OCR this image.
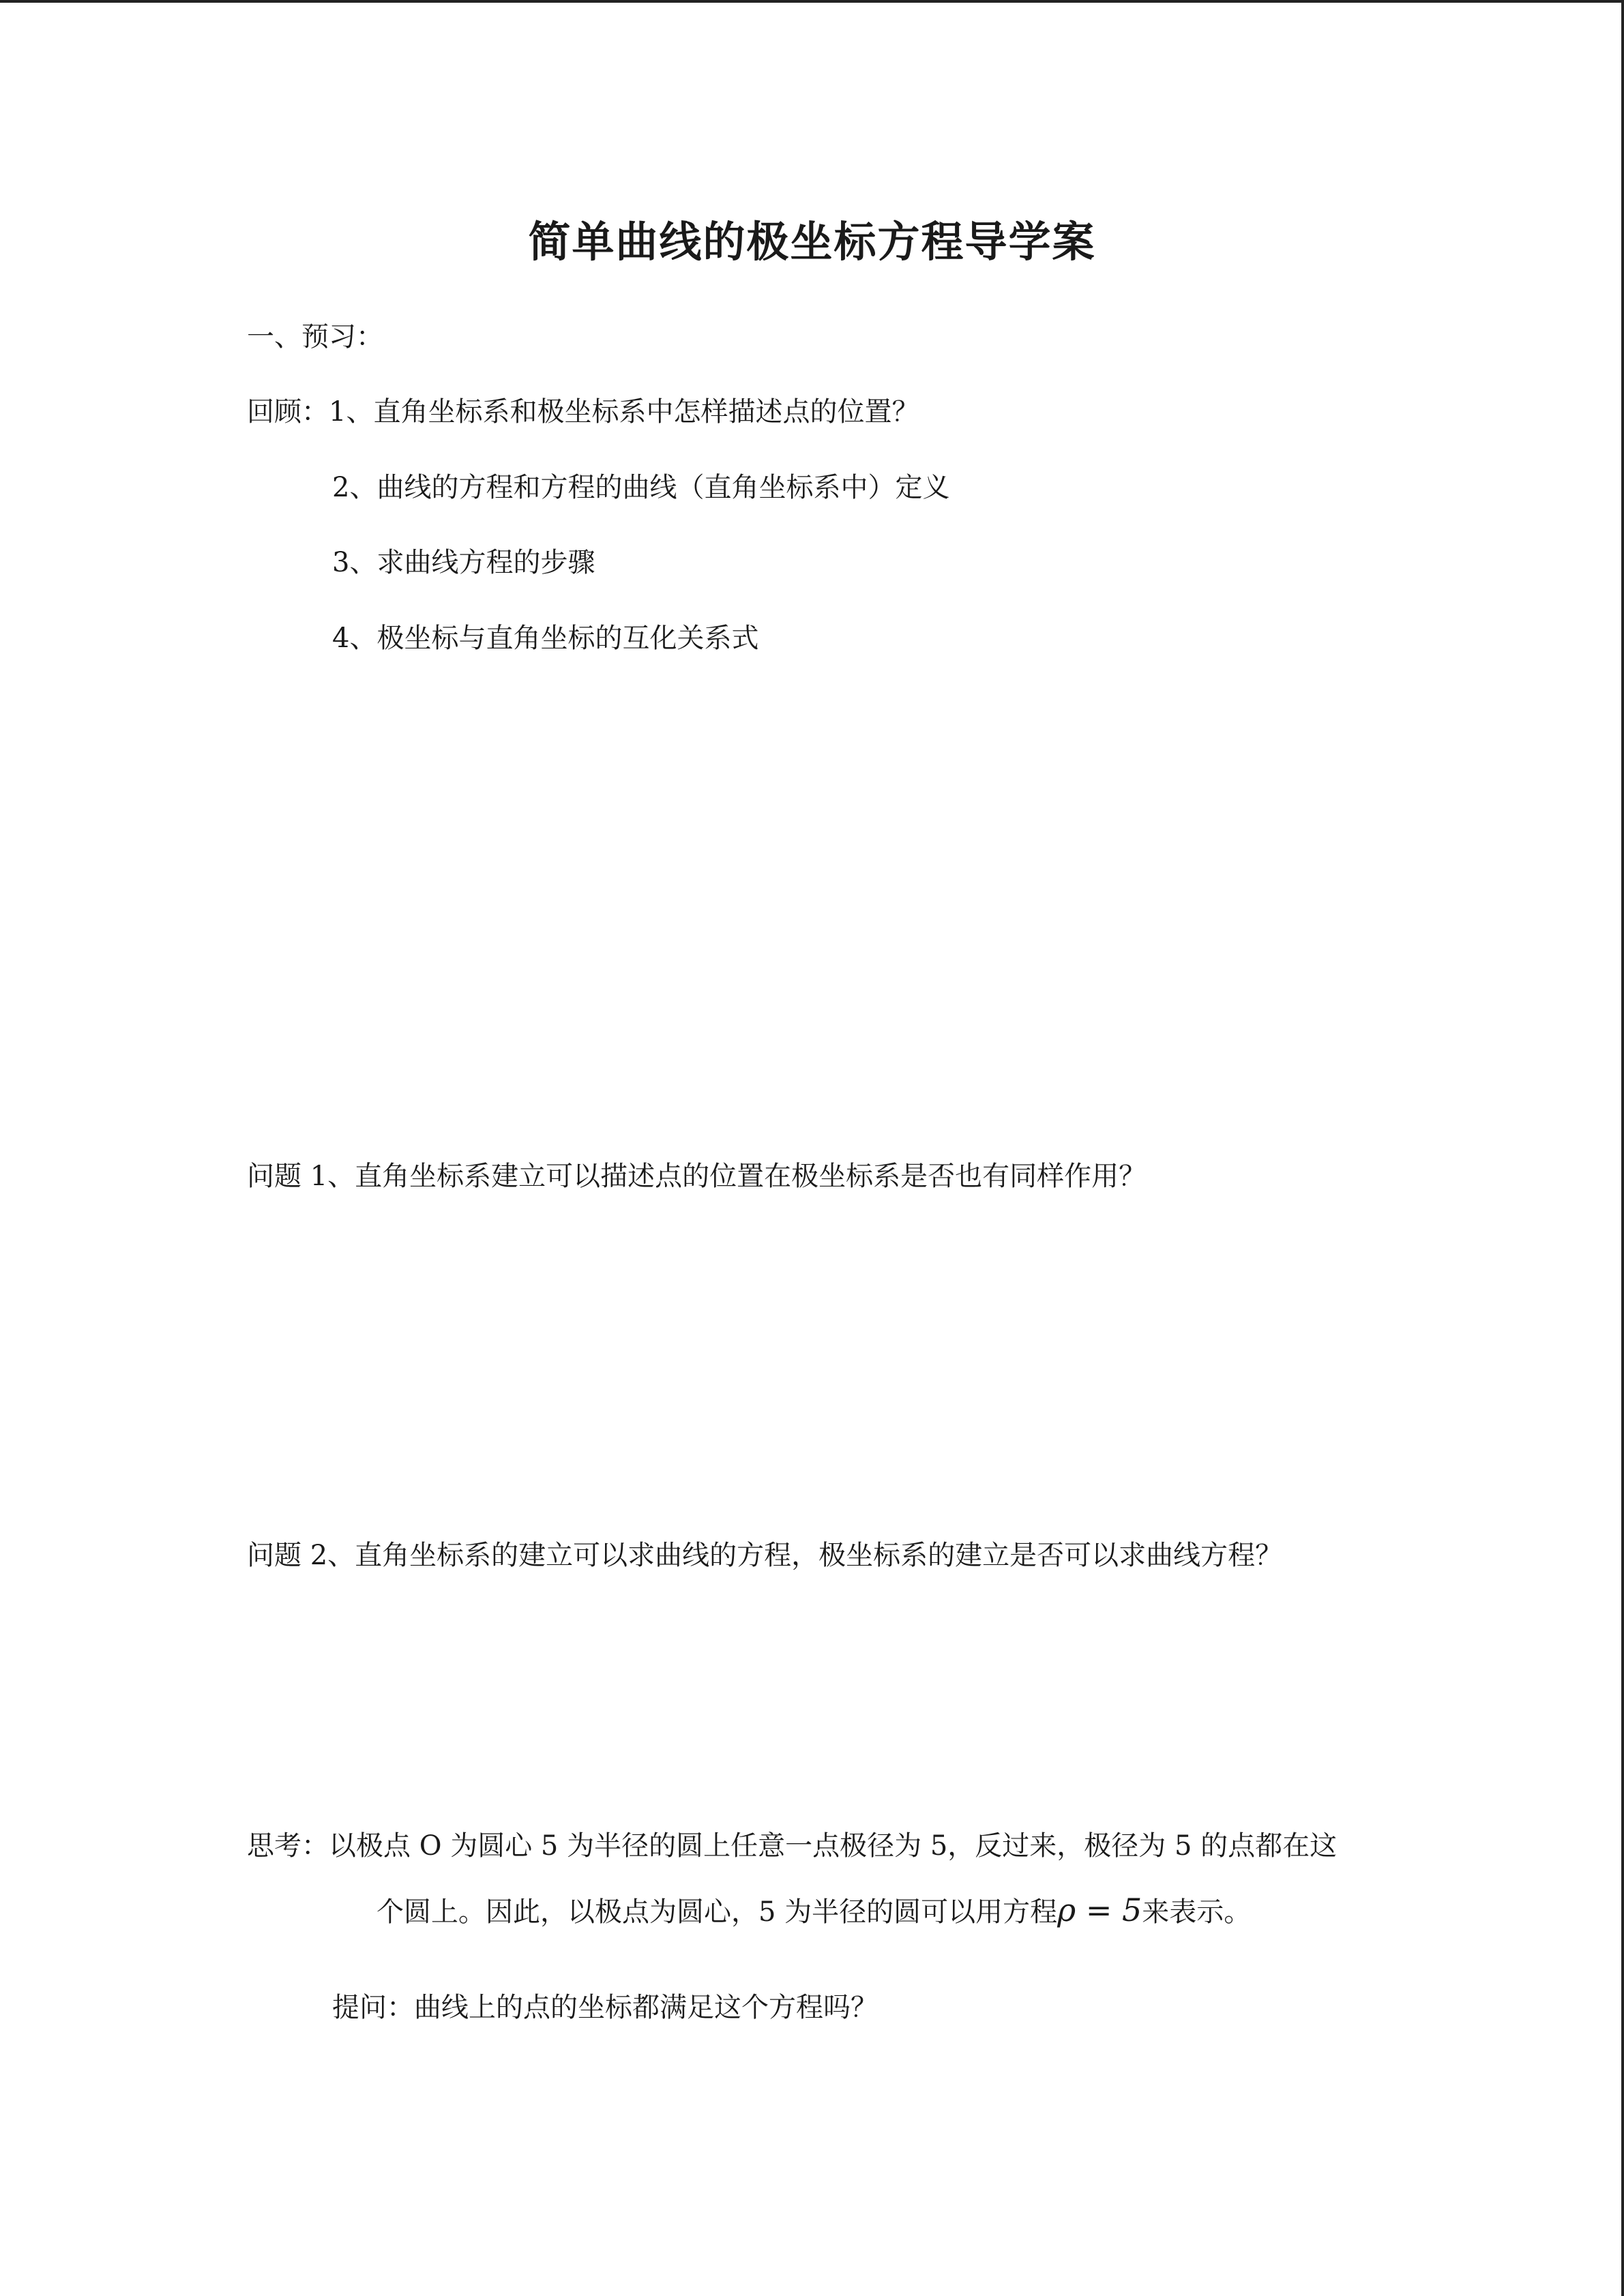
简单曲线的极坐标方程导学案

一、预习：

回顾：1、直角坐标系和极坐标系中怎样描述点的位置？

2、曲线的方程和方程的曲线（直角坐标系中）定义

3、求曲线方程的步骤

4、极坐标与直角坐标的互化关系式

问题 1、直角坐标系建立可以描述点的位置在极坐标系是否也有同样作用？

问题 2、直角坐标系的建立可以求曲线的方程，极坐标系的建立是否可以求曲线方程？

思考：以极点 O 为圆心 5 为半径的圆上任意一点极径为 5，反过来，极径为 5 的点都在这

个圆上。因此，以极点为圆心，5 为半径的圆可以用方程ρ = 5来表示。

提问：曲线上的点的坐标都满足这个方程吗？
